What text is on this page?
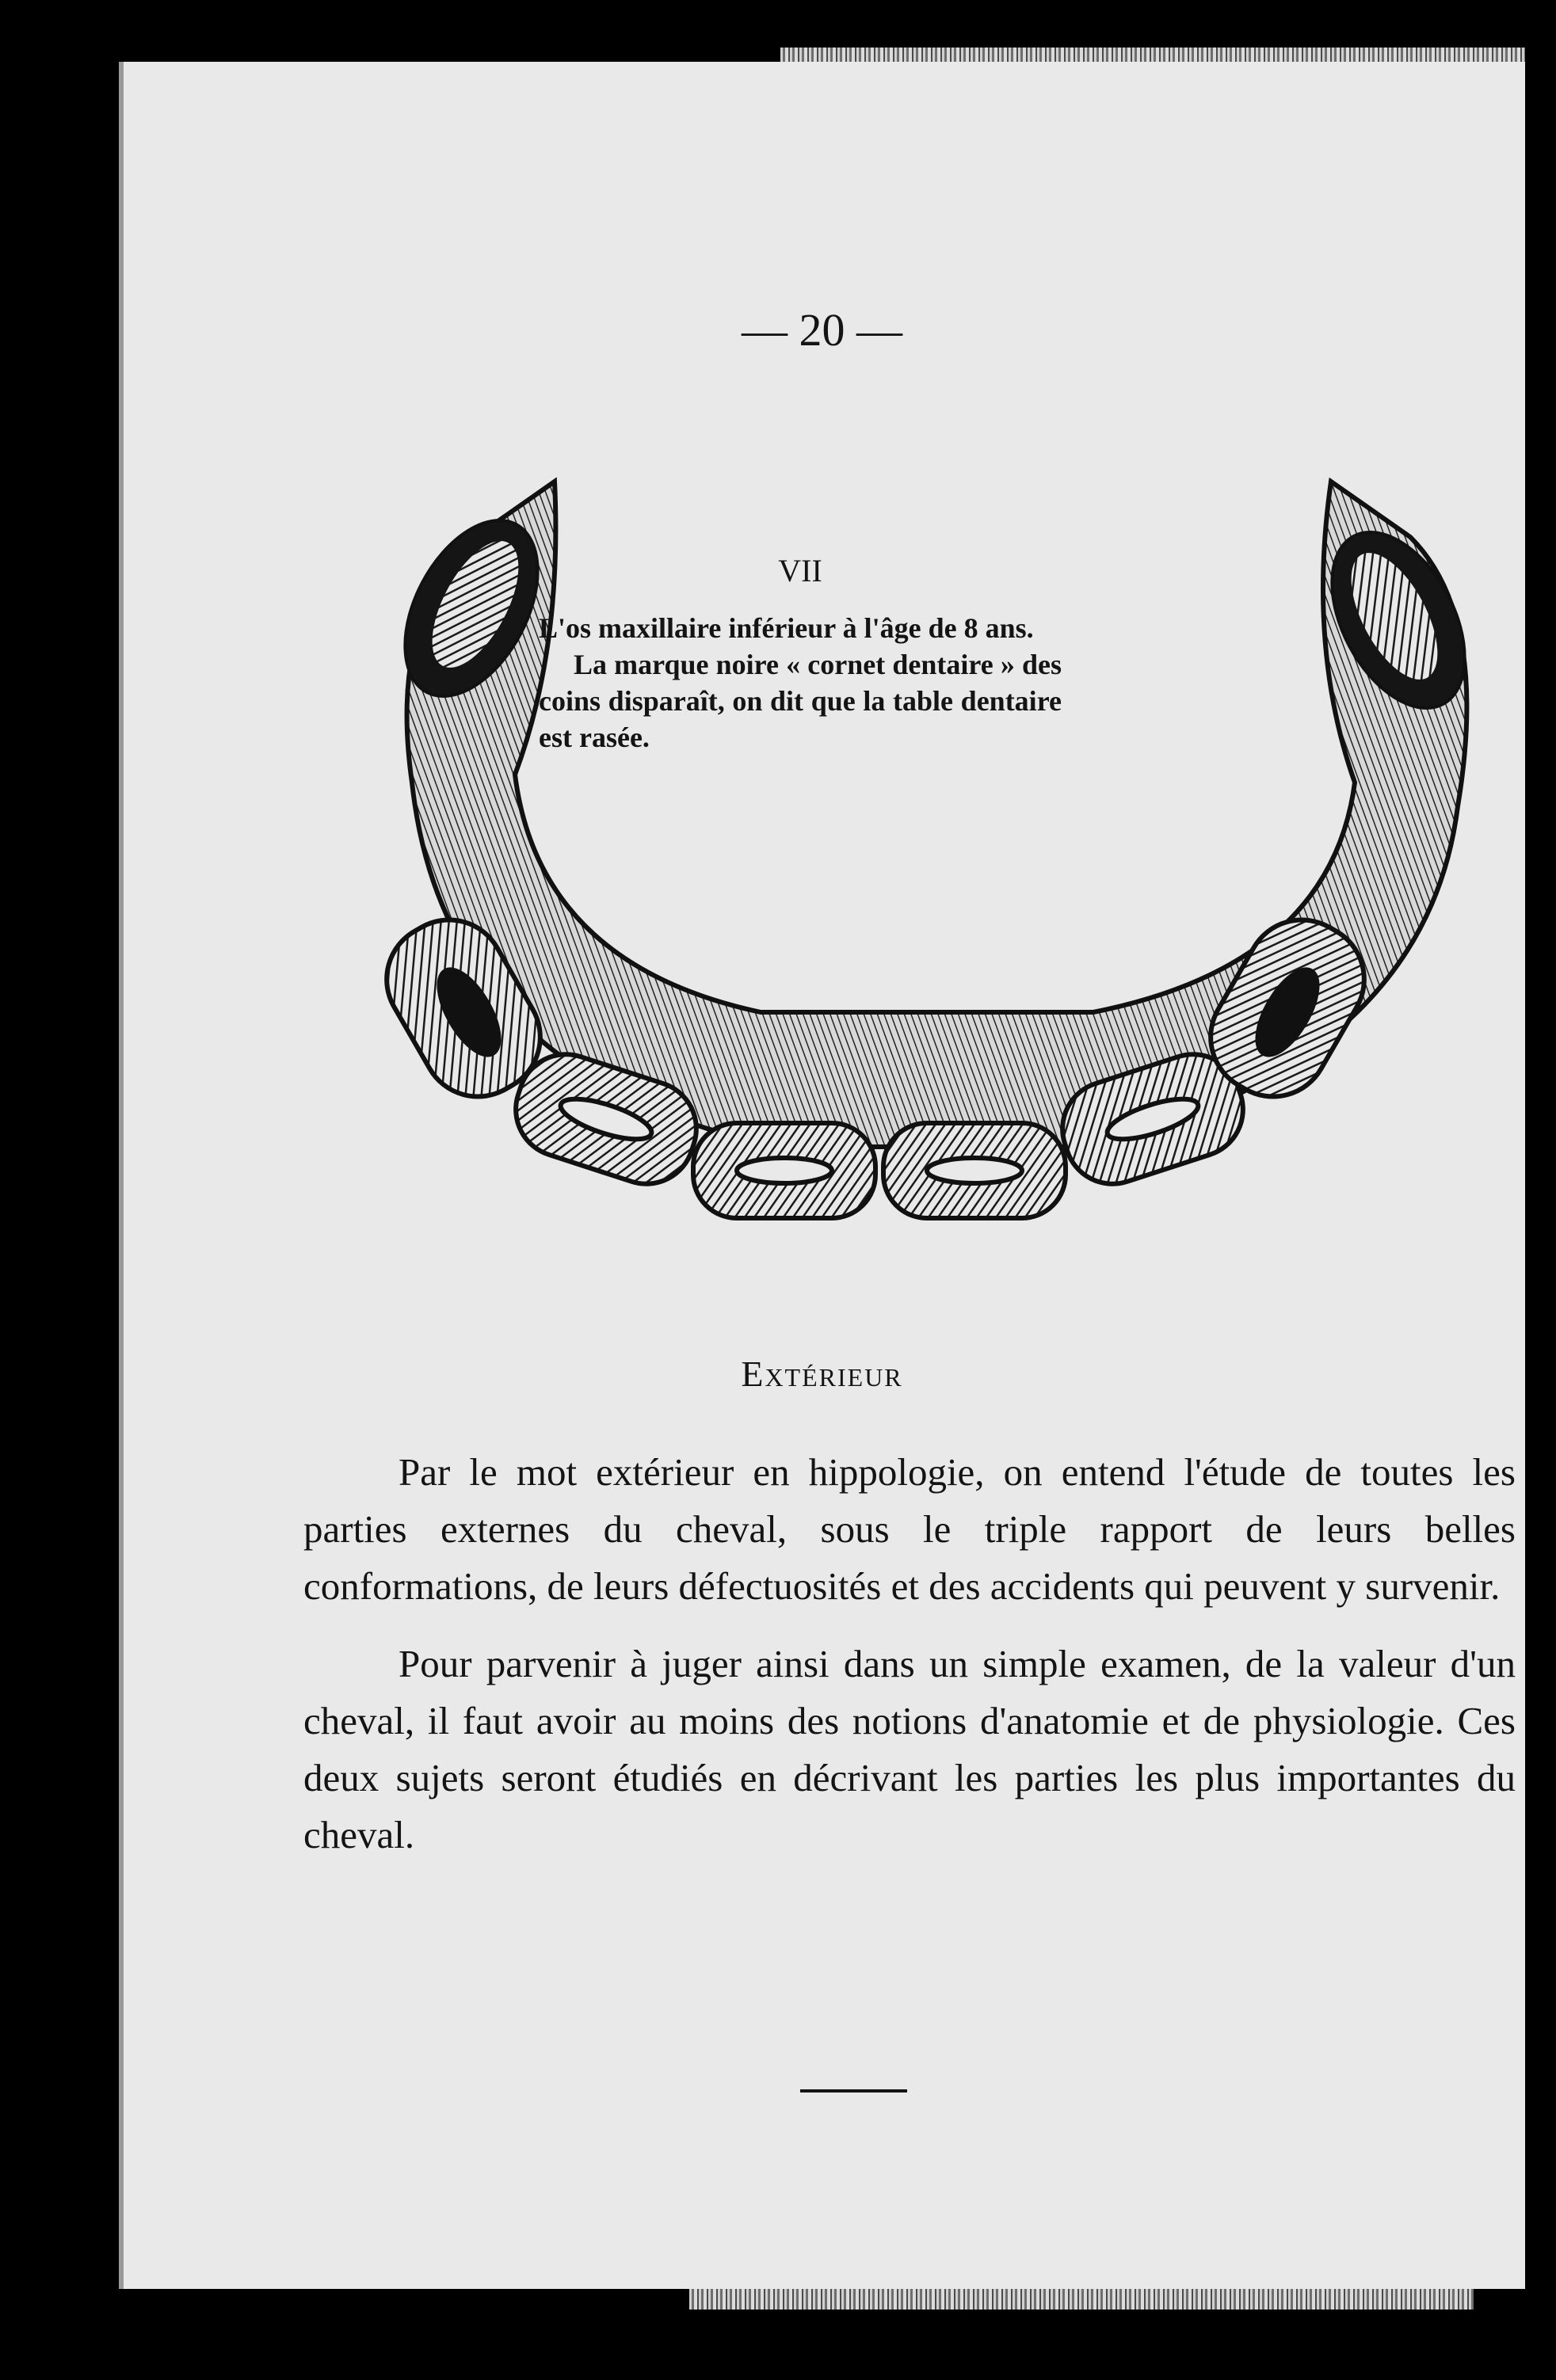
— 20 —
VII

L'os maxillaire inférieur à l'âge de 8 ans.

La marque noire « cornet dentaire » des coins disparaît, on dit que la table dentaire est rasée.

Extérieur

Par le mot extérieur en hippologie, on entend l'étude de toutes les parties externes du cheval, sous le triple rapport de leurs belles conformations, de leurs défectuosités et des accidents qui peuvent y survenir.

Pour parvenir à juger ainsi dans un simple examen, de la valeur d'un cheval, il faut avoir au moins des notions d'anatomie et de physiologie. Ces deux sujets seront étudiés en décrivant les parties les plus importantes du cheval.
